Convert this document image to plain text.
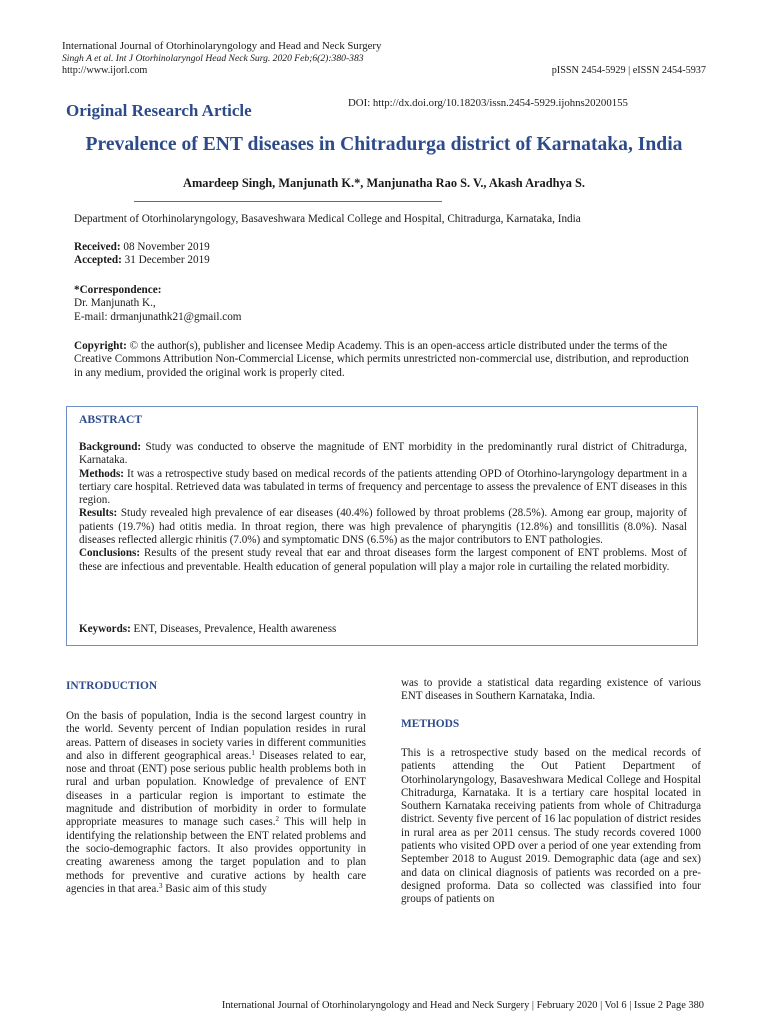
International Journal of Otorhinolaryngology and Head and Neck Surgery
Singh A et al. Int J Otorhinolaryngol Head Neck Surg. 2020 Feb;6(2):380-383
http://www.ijorl.com	pISSN 2454-5929 | eISSN 2454-5937
Original Research Article	DOI: http://dx.doi.org/10.18203/issn.2454-5929.ijohns20200155
Prevalence of ENT diseases in Chitradurga district of Karnataka, India
Amardeep Singh, Manjunath K.*, Manjunatha Rao S. V., Akash Aradhya S.
Department of Otorhinolaryngology, Basaveshwara Medical College and Hospital, Chitradurga, Karnataka, India
Received: 08 November 2019
Accepted: 31 December 2019
*Correspondence:
Dr. Manjunath K.,
E-mail: drmanjunathk21@gmail.com
Copyright: © the author(s), publisher and licensee Medip Academy. This is an open-access article distributed under the terms of the Creative Commons Attribution Non-Commercial License, which permits unrestricted non-commercial use, distribution, and reproduction in any medium, provided the original work is properly cited.
ABSTRACT

Background: Study was conducted to observe the magnitude of ENT morbidity in the predominantly rural district of Chitradurga, Karnataka.

Methods: It was a retrospective study based on medical records of the patients attending OPD of Otorhino-laryngology department in a tertiary care hospital. Retrieved data was tabulated in terms of frequency and percentage to assess the prevalence of ENT diseases in this region.

Results: Study revealed high prevalence of ear diseases (40.4%) followed by throat problems (28.5%). Among ear group, majority of patients (19.7%) had otitis media. In throat region, there was high prevalence of pharyngitis (12.8%) and tonsillitis (8.0%). Nasal diseases reflected allergic rhinitis (7.0%) and symptomatic DNS (6.5%) as the major contributors to ENT pathologies.

Conclusions: Results of the present study reveal that ear and throat diseases form the largest component of ENT problems. Most of these are infectious and preventable. Health education of general population will play a major role in curtailing the related morbidity.

Keywords: ENT, Diseases, Prevalence, Health awareness
INTRODUCTION

On the basis of population, India is the second largest country in the world. Seventy percent of Indian population resides in rural areas. Pattern of diseases in society varies in different communities and also in different geographical areas.$^1$ Diseases related to ear, nose and throat (ENT) pose serious public health problems both in rural and urban population. Knowledge of prevalence of ENT diseases in a particular region is important to estimate the magnitude and distribution of morbidity in order to formulate appropriate measures to manage such cases.$^2$ This will help in identifying the relationship between the ENT related problems and the socio-demographic factors. It also provides opportunity in creating awareness among the target population and to plan methods for preventive and curative actions by health care agencies in that area.$^3$ Basic aim of this study

was to provide a statistical data regarding existence of various ENT diseases in Southern Karnataka, India.
METHODS
This is a retrospective study based on the medical records of patients attending the Out Patient Department of Otorhinolaryngology, Basaveshwara Medical College and Hospital Chitradurga, Karnataka. It is a tertiary care hospital located in Southern Karnataka receiving patients from whole of Chitradurga district. Seventy five percent of 16 lac population of district resides in rural area as per 2011 census. The study records covered 1000 patients who visited OPD over a period of one year extending from September 2018 to August 2019. Demographic data (age and sex) and data on clinical diagnosis of patients was recorded on a pre-designed proforma. Data so collected was classified into four groups of patients on
International Journal of Otorhinolaryngology and Head and Neck Surgery | February 2020 | Vol 6 | Issue 2 Page 380
